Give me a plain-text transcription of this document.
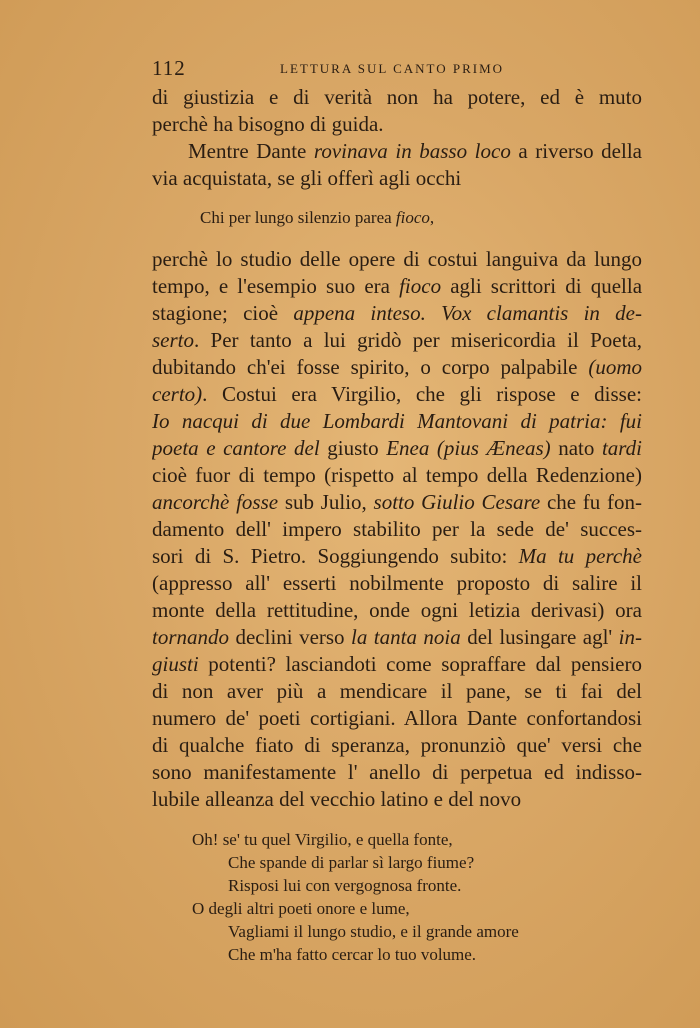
112	LETTURA SUL CANTO PRIMO
di giustizia e di verità non ha potere, ed è muto
perchè ha bisogno di guida.
Mentre Dante rovinava in basso loco a riverso della
via acquistata, se gli offerì agli occhi
Chi per lungo silenzio parea fioco,
perchè lo studio delle opere di costui languiva da lungo
tempo, e l'esempio suo era fioco agli scrittori di quella
stagione; cioè appena inteso. Vox clamantis in de-
serto. Per tanto a lui gridò per misericordia il Poeta,
dubitando ch'ei fosse spirito, o corpo palpabile (uomo
certo). Costui era Virgilio, che gli rispose e disse:
Io nacqui di due Lombardi Mantovani di patria: fui
poeta e cantore del giusto Enea (pius Æneas) nato tardi
cioè fuor di tempo (rispetto al tempo della Redenzione)
ancorchè fosse sub Julio, sotto Giulio Cesare che fu fon-
damento dell' impero stabilito per la sede de' succes-
sori di S. Pietro. Soggiungendo subito: Ma tu perchè
(appresso all' esserti nobilmente proposto di salire il
monte della rettitudine, onde ogni letizia derivasi) ora
tornando declini verso la tanta noia del lusingare agl' in-
giusti potenti? lasciandoti come sopraffare dal pensiero
di non aver più a mendicare il pane, se ti fai del
numero de' poeti cortigiani. Allora Dante confortandosi
di qualche fiato di speranza, pronunziò que' versi che
sono manifestamente l' anello di perpetua ed indisso-
lubile alleanza del vecchio latino e del novo
Oh! se' tu quel Virgilio, e quella fonte,
Che spande di parlar sì largo fiume?
Risposi lui con vergognosa fronte.
O degli altri poeti onore e lume,
Vagliami il lungo studio, e il grande amore
Che m'ha fatto cercar lo tuo volume.
